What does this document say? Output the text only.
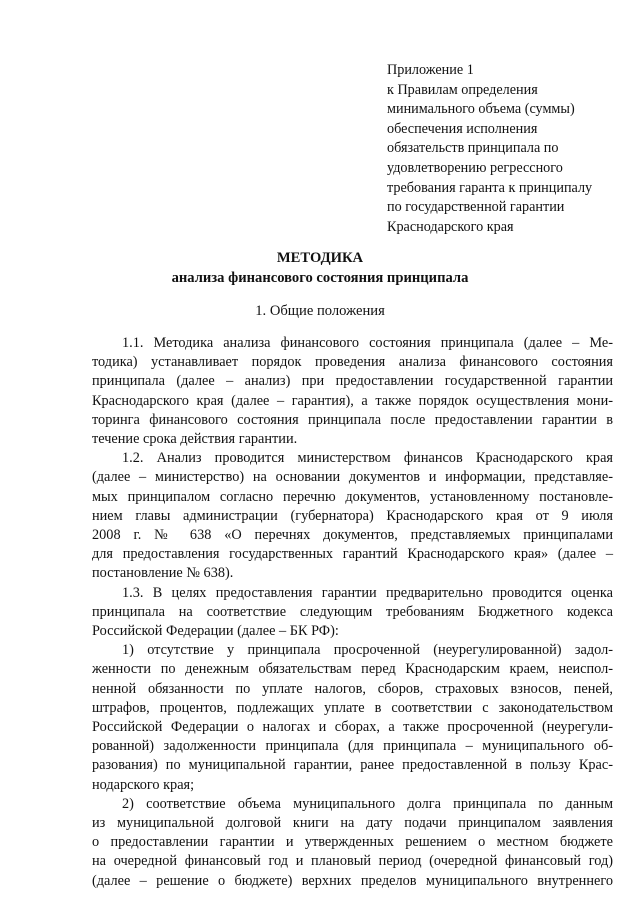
Приложение 1
к Правилам определения
минимального объема (суммы)
обеспечения исполнения
обязательств принципала по
удовлетворению регрессного
требования гаранта к принципалу
по государственной гарантии
Краснодарского края
МЕТОДИКА
анализа финансового состояния принципала
1. Общие положения
1.1. Методика анализа финансового состояния принципала (далее – Ме-
тодика) устанавливает порядок проведения анализа финансового состояния
принципала (далее – анализ) при предоставлении государственной гарантии
Краснодарского края (далее – гарантия), а также порядок осуществления мони-
торинга финансового состояния принципала после предоставлении гарантии в
течение срока действия гарантии.
1.2. Анализ проводится министерством финансов Краснодарского края
(далее – министерство) на основании документов и информации, представляе-
мых принципалом согласно перечню документов, установленному постановле-
нием главы администрации (губернатора) Краснодарского края от 9 июля
2008 г. № 638 «О перечнях документов, представляемых принципалами
для предоставления государственных гарантий Краснодарского края» (далее –
постановление № 638).
1.3. В целях предоставления гарантии предварительно проводится оценка
принципала на соответствие следующим требованиям Бюджетного кодекса
Российской Федерации (далее – БК РФ):
1) отсутствие у принципала просроченной (неурегулированной) задол-
женности по денежным обязательствам перед Краснодарским краем, неиспол-
ненной обязанности по уплате налогов, сборов, страховых взносов, пеней,
штрафов, процентов, подлежащих уплате в соответствии с законодательством
Российской Федерации о налогах и сборах, а также просроченной (неурегули-
рованной) задолженности принципала (для принципала – муниципального об-
разования) по муниципальной гарантии, ранее предоставленной в пользу Крас-
нодарского края;
2) соответствие объема муниципального долга принципала по данным
из муниципальной долговой книги на дату подачи принципалом заявления
о предоставлении гарантии и утвержденных решением о местном бюджете
на очередной финансовый год и плановый период (очередной финансовый год)
(далее – решение о бюджете) верхних пределов муниципального внутреннего
